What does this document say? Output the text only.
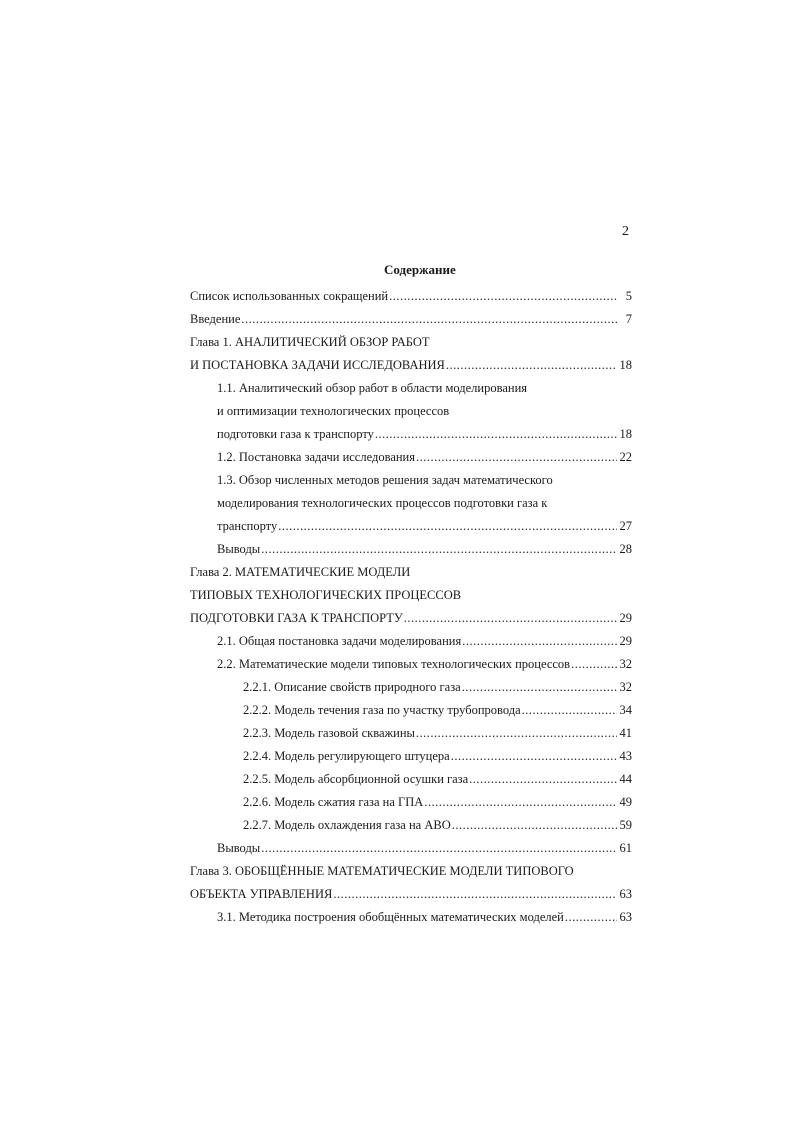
2
Содержание
Список использованных сокращений .....	5
Введение .....	7
Глава 1. АНАЛИТИЧЕСКИЙ ОБЗОР РАБОТ
И ПОСТАНОВКА ЗАДАЧИ ИССЛЕДОВАНИЯ .....	18
1.1. Аналитический обзор работ в области моделирования
и оптимизации технологических процессов
подготовки газа к транспорту .....	18
1.2. Постановка задачи исследования .....	22
1.3. Обзор численных методов решения задач математического
моделирования технологических процессов подготовки газа к
транспорту .....	27
Выводы .....	28
Глава 2. МАТЕМАТИЧЕСКИЕ МОДЕЛИ
ТИПОВЫХ ТЕХНОЛОГИЧЕСКИХ ПРОЦЕССОВ
ПОДГОТОВКИ ГАЗА К ТРАНСПОРТУ .....	29
2.1. Общая постановка задачи моделирования .....	29
2.2. Математические модели типовых технологических процессов .....	32
2.2.1. Описание свойств природного газа .....	32
2.2.2. Модель течения газа по участку трубопровода .....	34
2.2.3. Модель газовой скважины .....	41
2.2.4. Модель регулирующего штуцера .....	43
2.2.5. Модель абсорбционной осушки газа .....	44
2.2.6. Модель сжатия газа на ГПА .....	49
2.2.7. Модель охлаждения газа на АВО .....	59
Выводы .....	61
Глава 3. ОБОБЩЁННЫЕ МАТЕМАТИЧЕСКИЕ МОДЕЛИ ТИПОВОГО
ОБЪЕКТА УПРАВЛЕНИЯ .....	63
3.1. Методика построения обобщённых математических моделей .....	63
